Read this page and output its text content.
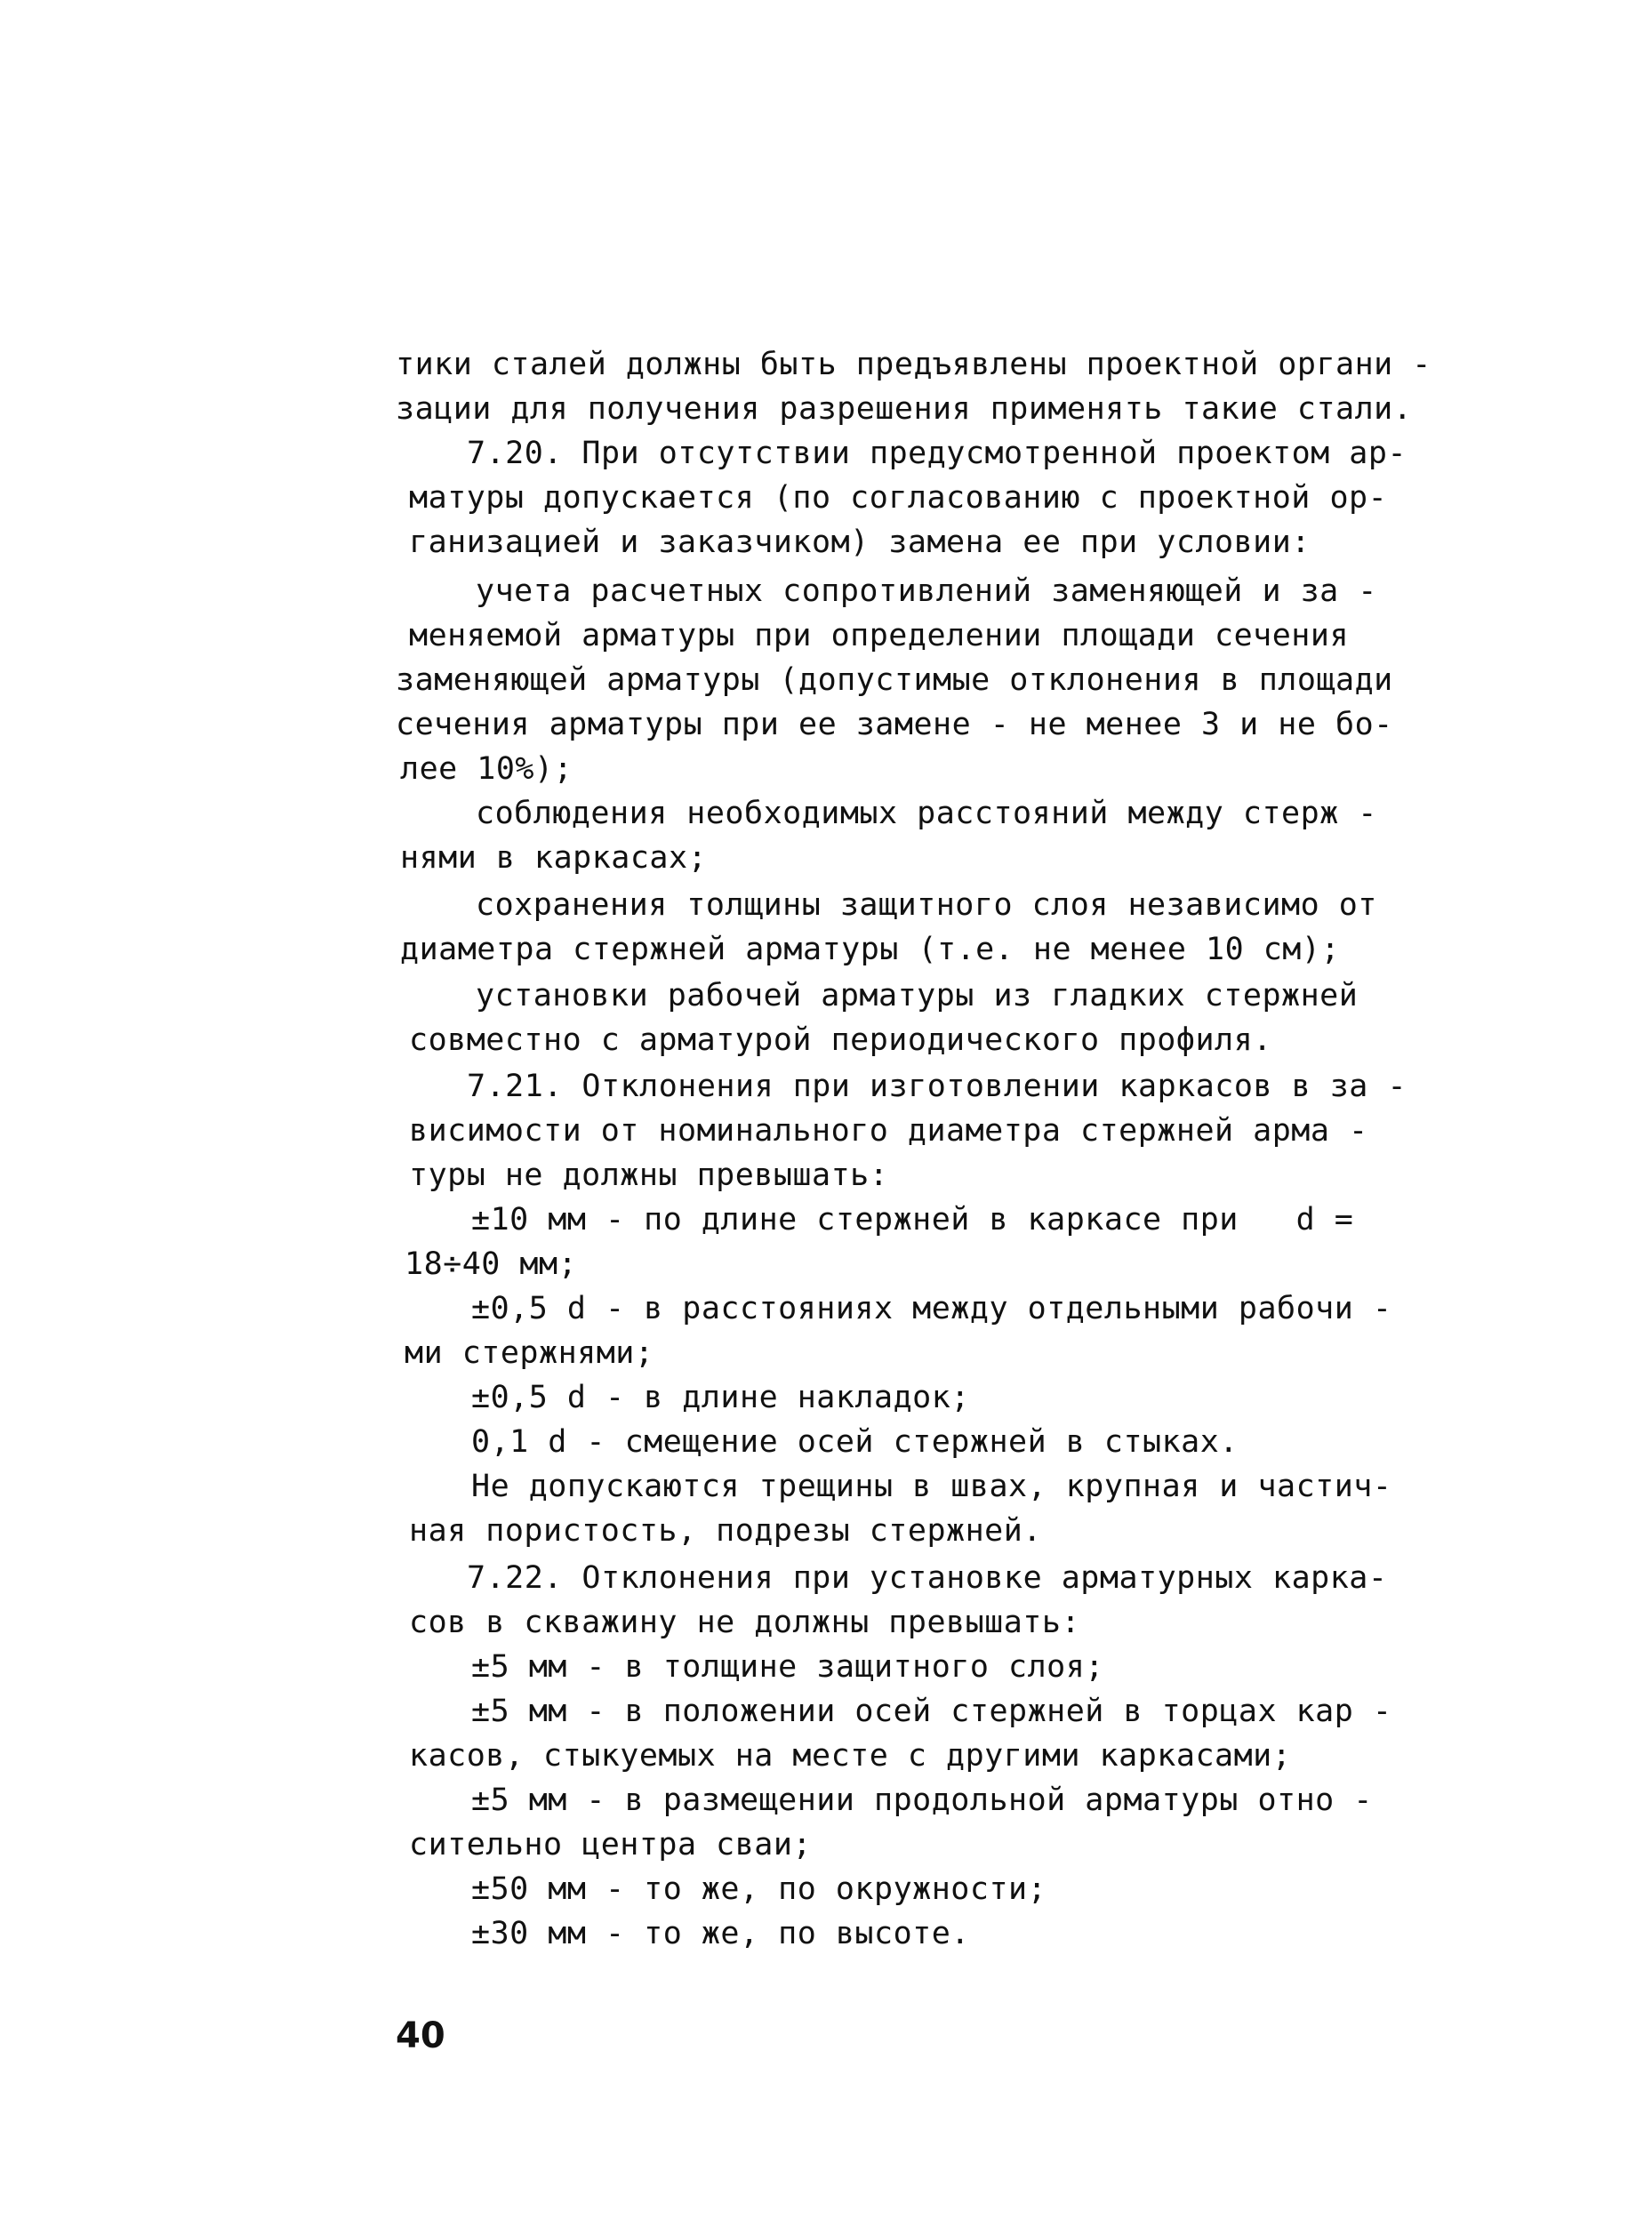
тики сталей должны быть предъявлены проектной органи -
зации для получения разрешения применять такие стали.
7.20. При отсутствии предусмотренной проектом ар-
матуры допускается (по согласованию с проектной ор-
ганизацией и заказчиком) замена ее при условии:
учета расчетных сопротивлений заменяющей и за -
меняемой арматуры при определении площади сечения
заменяющей арматуры (допустимые отклонения в площади
сечения арматуры при ее замене - не менее 3 и не бо-
лее 10%);
соблюдения необходимых расстояний между стерж -
нями в каркасах;
сохранения толщины защитного слоя независимо от
диаметра стержней арматуры (т.е. не менее 10 см);
установки рабочей арматуры из гладких стержней
совместно с арматурой периодического профиля.
7.21. Отклонения при изготовлении каркасов в за -
висимости от номинального диаметра стержней арма -
туры не должны превышать:
±10 мм - по длине стержней в каркасе при   d =
18÷40 мм;
±0,5 d - в расстояниях между отдельными рабочи -
ми стержнями;
±0,5 d - в длине накладок;
0,1 d - смещение осей стержней в стыках.
Не допускаются трещины в швах, крупная и частич-
ная пористость, подрезы стержней.
7.22. Отклонения при установке арматурных карка-
сов в скважину не должны превышать:
±5 мм - в толщине защитного слоя;
±5 мм - в положении осей стержней в торцах кар -
касов, стыкуемых на месте с другими каркасами;
±5 мм - в размещении продольной арматуры отно -
сительно центра сваи;
±50 мм - то же, по окружности;
±30 мм - то же, по высоте.
40
